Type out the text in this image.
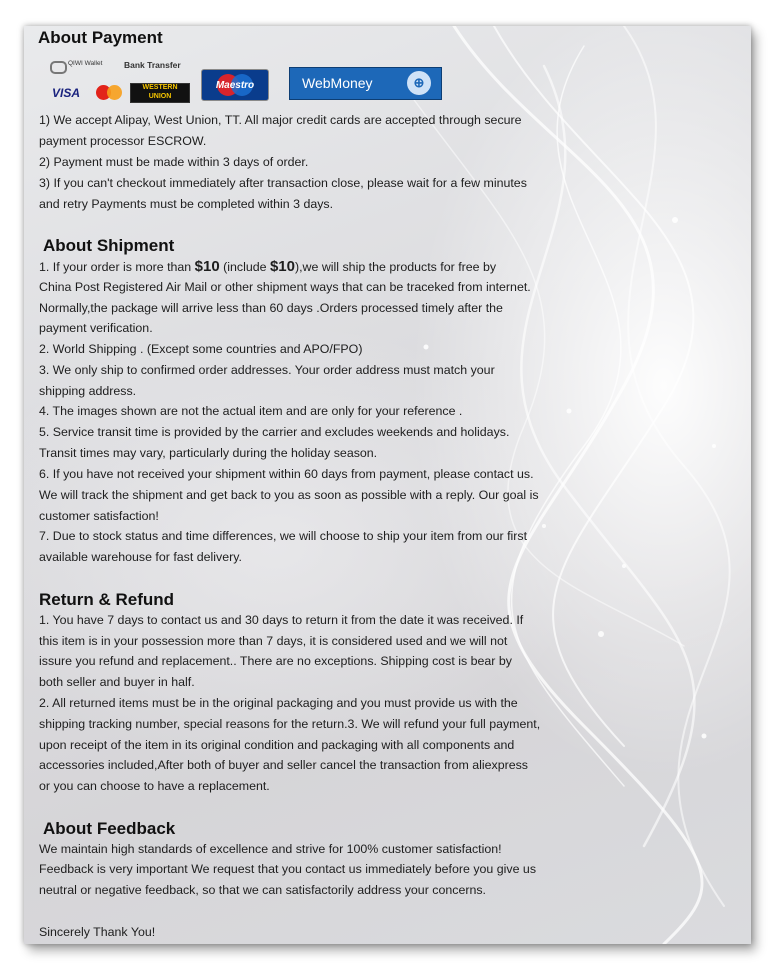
About Payment
QIWI Wallet	Bank Transfer
VISA	WESTERN UNION
Maestro	WebMoney	⊕
1) We accept Alipay, West Union, TT. All major credit cards are accepted through secure
payment processor ESCROW.
2) Payment must be made within 3 days of order.
3) If you can't checkout immediately after transaction close, please wait for a few minutes
and retry Payments must be completed within 3 days.
About Shipment
1. If your order is more than $10 (include $10),we will ship the products for free by
China Post Registered Air Mail or other shipment ways that can be traceked from internet.
Normally,the package will arrive less than 60 days .Orders processed timely after the
payment verification.
2. World Shipping . (Except some countries and APO/FPO)
3. We only ship to confirmed order addresses. Your order address must match your
shipping address.
4. The images shown are not the actual item and are only for your reference .
5. Service transit time is provided by the carrier and excludes weekends and holidays.
Transit times may vary, particularly during the holiday season.
6. If you have not received your shipment within 60 days from payment, please contact us.
We will track the shipment and get back to you as soon as possible with a reply. Our goal is
customer satisfaction!
7. Due to stock status and time differences, we will choose to ship your item from our first
available warehouse for fast delivery.
Return & Refund
1. You have 7 days to contact us and 30 days to return it from the date it was received. If
this item is in your possession more than 7 days, it is considered used and we will not
issure you refund and replacement.. There are no exceptions. Shipping cost is bear by
both seller and buyer in half.
2. All returned items must be in the original packaging and you must provide us with the
shipping tracking number, special reasons for the return.3. We will refund your full payment,
upon receipt of the item in its original condition and packaging with all components and
accessories included,After both of buyer and seller cancel the transaction from aliexpress
or you can choose to have a replacement.
About Feedback
We maintain high standards of excellence and strive for 100% customer satisfaction!
Feedback is very important We request that you contact us immediately before you give us
neutral or negative feedback, so that we can satisfactorily address your concerns.
Sincerely Thank You!
